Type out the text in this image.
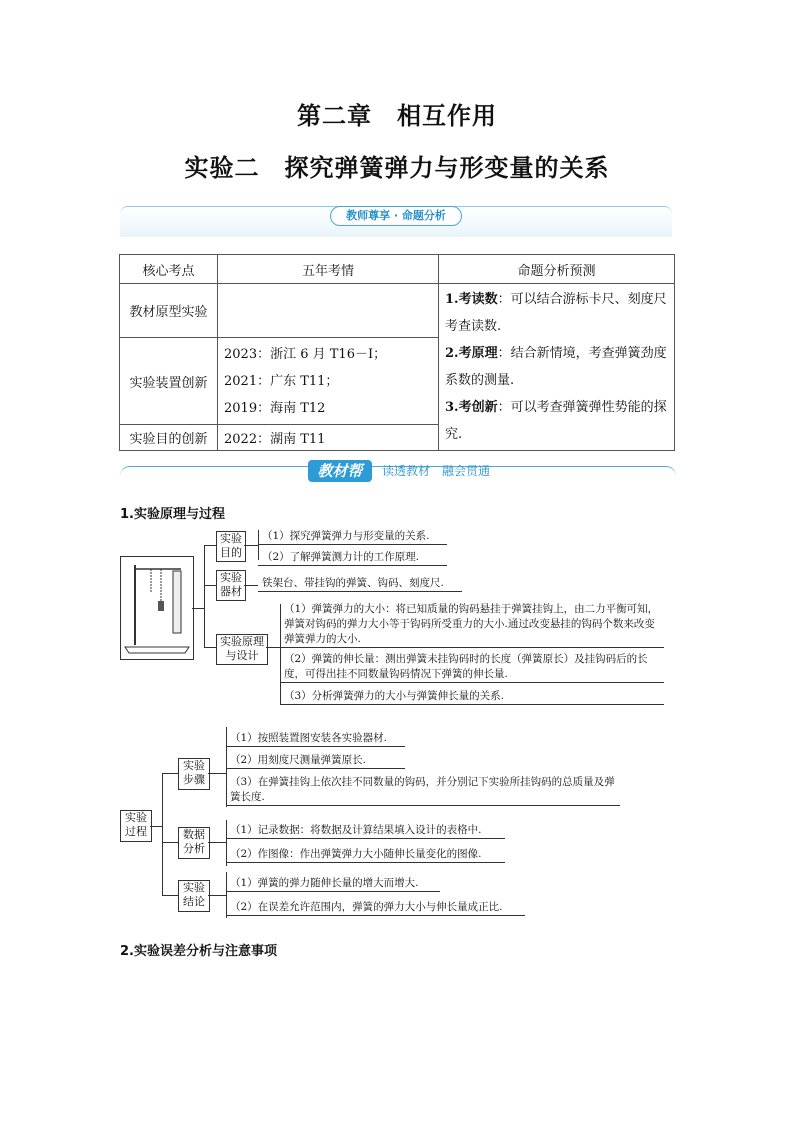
第二章　相互作用
实验二　探究弹簧弹力与形变量的关系
教师尊享 · 命题分析
核心考点	五年考情	命题分析预测
教材原型实验		1.考读数：可以结合游标卡尺、刻度尺考查读数.
2.考原理：结合新情境，考查弹簧劲度系数的测量.
3.考创新：可以考查弹簧弹性势能的探究.

实验装置创新	2023：浙江 6 月 T16－Ⅰ；
2021：广东 T11；
2019：海南 T12	

实验目的创新	2022：湖南 T11	
教材帮	读透教材　融会贯通
1.实验原理与过程
实验
目的
（1）探究弹簧弹力与形变量的关系.
（2）了解弹簧测力计的工作原理.
实验
器材
铁架台、带挂钩的弹簧、钩码、刻度尺.
实验原理
与设计
（1）弹簧弹力的大小：将已知质量的钩码悬挂于弹簧挂钩上，由二力平衡可知，弹簧对钩码的弹力大小等于钩码所受重力的大小.通过改变悬挂的钩码个数来改变弹簧弹力的大小.
（2）弹簧的伸长量：测出弹簧未挂钩码时的长度（弹簧原长）及挂钩码后的长度，可得出挂不同数量钩码情况下弹簧的伸长量.
（3）分析弹簧弹力的大小与弹簧伸长量的关系.
实验
过程
实验
步骤
（1）按照装置图安装各实验器材.
（2）用刻度尺测量弹簧原长.
（3）在弹簧挂钩上依次挂不同数量的钩码，并分别记下实验所挂钩码的总质量及弹簧长度.
数据
分析
（1）记录数据：将数据及计算结果填入设计的表格中.
（2）作图像：作出弹簧弹力大小随伸长量变化的图像.
实验
结论
（1）弹簧的弹力随伸长量的增大而增大.
（2）在误差允许范围内，弹簧的弹力大小与伸长量成正比.
2.实验误差分析与注意事项
